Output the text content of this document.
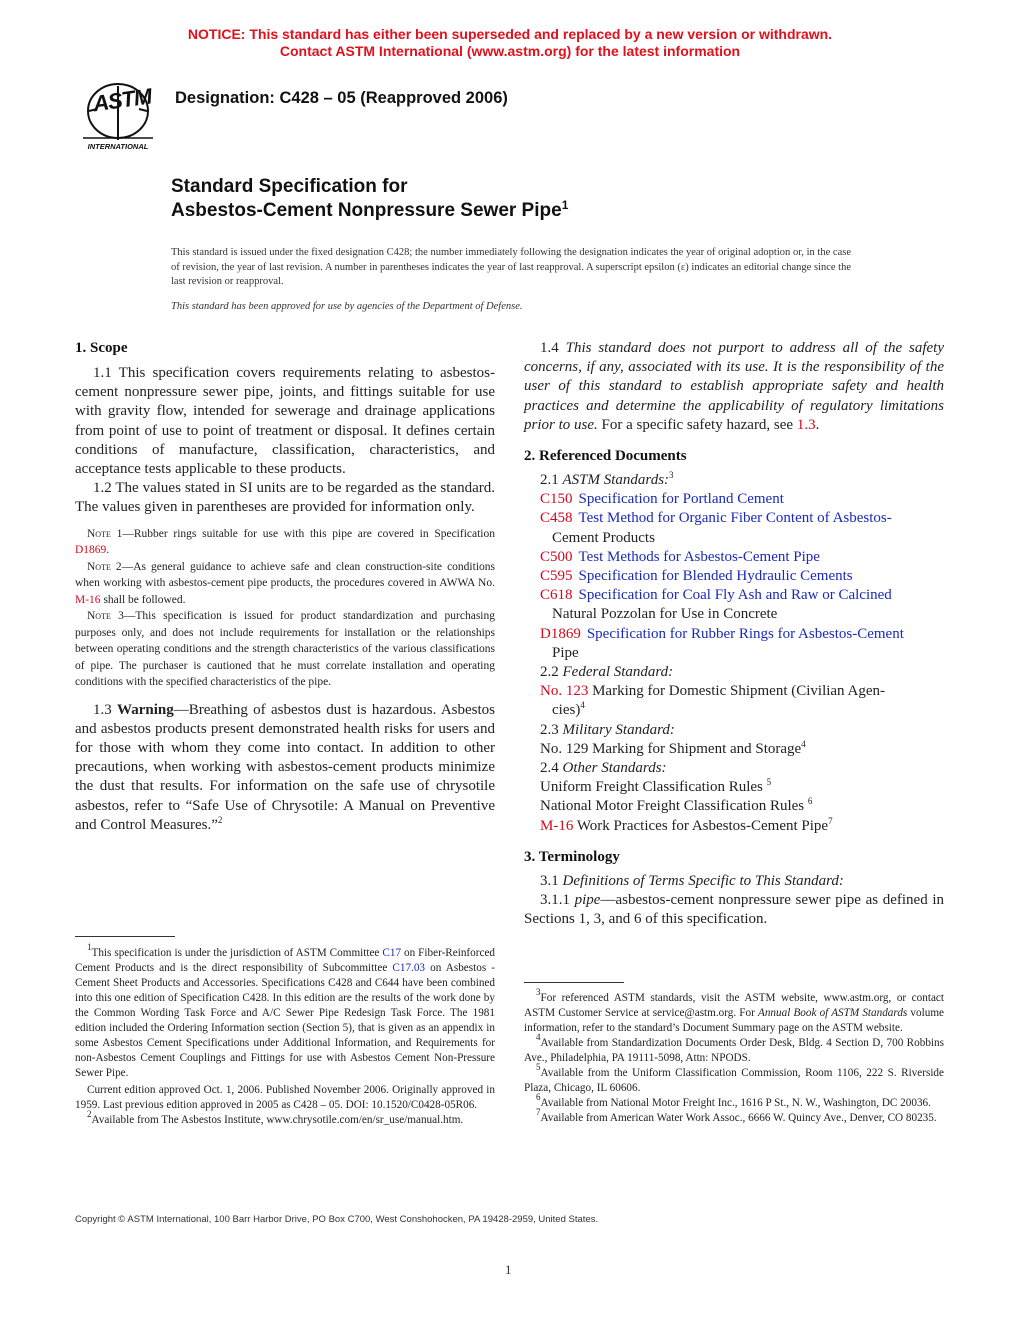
NOTICE: This standard has either been superseded and replaced by a new version or withdrawn.
Contact ASTM International (www.astm.org) for the latest information
INTERNATIONAL
ASTM Designation: C428 – 05 (Reapproved 2006)
Standard Specification for
Asbestos-Cement Nonpressure Sewer Pipe$^1$
This standard is issued under the fixed designation C428; the number immediately following the designation indicates the year of original adoption or, in the case of revision, the year of last revision. A number in parentheses indicates the year of last reapproval. A superscript epsilon (ε) indicates an editorial change since the last revision or reapproval.
This standard has been approved for use by agencies of the Department of Defense.
1. Scope
1.1 This specification covers requirements relating to asbestos-cement nonpressure sewer pipe, joints, and fittings suitable for use with gravity flow, intended for sewerage and drainage applications from point of use to point of treatment or disposal. It defines certain conditions of manufacture, classification, characteristics, and acceptance tests applicable to these products.
1.2 The values stated in SI units are to be regarded as the standard. The values given in parentheses are provided for information only.
Note 1—Rubber rings suitable for use with this pipe are covered in Specification D1869.
Note 2—As general guidance to achieve safe and clean construction-site conditions when working with asbestos-cement pipe products, the procedures covered in AWWA No. M-16 shall be followed.
Note 3—This specification is issued for product standardization and purchasing purposes only, and does not include requirements for installation or the relationships between operating conditions and the strength characteristics of the various classifications of pipe. The purchaser is cautioned that he must correlate installation and operating conditions with the specified characteristics of the pipe.
1.3 Warning—Breathing of asbestos dust is hazardous. Asbestos and asbestos products present demonstrated health risks for users and for those with whom they come into contact. In addition to other precautions, when working with asbestos-cement products minimize the dust that results. For information on the safe use of chrysotile asbestos, refer to “Safe Use of Chrysotile: A Manual on Preventive and Control Measures.”$^2$
$^1$This specification is under the jurisdiction of ASTM Committee C17 on Fiber-Reinforced Cement Products and is the direct responsibility of Subcommittee C17.03 on Asbestos - Cement Sheet Products and Accessories. Specifications C428 and C644 have been combined into this one edition of Specification C428. In this edition are the results of the work done by the Common Wording Task Force and A/C Sewer Pipe Redesign Task Force. The 1981 edition included the Ordering Information section (Section 5), that is given as an appendix in some Asbestos Cement Specifications under Additional Information, and Requirements for non-Asbestos Cement Couplings and Fittings for use with Asbestos Cement Non-Pressure Sewer Pipe.
Current edition approved Oct. 1, 2006. Published November 2006. Originally approved in 1959. Last previous edition approved in 2005 as C428 – 05. DOI: 10.1520/C0428-05R06.
$^2$Available from The Asbestos Institute, www.chrysotile.com/en/sr_use/manual.htm.
1.4 This standard does not purport to address all of the safety concerns, if any, associated with its use. It is the responsibility of the user of this standard to establish appropriate safety and health practices and determine the applicability of regulatory limitations prior to use. For a specific safety hazard, see 1.3.
2. Referenced Documents
2.1 ASTM Standards:$^3$
C150 Specification for Portland Cement
C458 Test Method for Organic Fiber Content of Asbestos-
Cement Products
C500 Test Methods for Asbestos-Cement Pipe
C595 Specification for Blended Hydraulic Cements
C618 Specification for Coal Fly Ash and Raw or Calcined
Natural Pozzolan for Use in Concrete
D1869 Specification for Rubber Rings for Asbestos-Cement
Pipe
2.2 Federal Standard:
No. 123 Marking for Domestic Shipment (Civilian Agen-
cies)$^4$
2.3 Military Standard:
No. 129 Marking for Shipment and Storage$^4$
2.4 Other Standards:
Uniform Freight Classification Rules $^5$
National Motor Freight Classification Rules $^6$
M-16 Work Practices for Asbestos-Cement Pipe$^7$
3. Terminology
3.1 Definitions of Terms Specific to This Standard:
3.1.1 pipe—asbestos-cement nonpressure sewer pipe as defined in Sections 1, 3, and 6 of this specification.
$^3$For referenced ASTM standards, visit the ASTM website, www.astm.org, or contact ASTM Customer Service at service@astm.org. For Annual Book of ASTM Standards volume information, refer to the standard’s Document Summary page on the ASTM website.
$^4$Available from Standardization Documents Order Desk, Bldg. 4 Section D, 700 Robbins Ave., Philadelphia, PA 19111-5098, Attn: NPODS.
$^5$Available from the Uniform Classification Commission, Room 1106, 222 S. Riverside Plaza, Chicago, IL 60606.
$^6$Available from National Motor Freight Inc., 1616 P St., N. W., Washington, DC 20036.
$^7$Available from American Water Work Assoc., 6666 W. Quincy Ave., Denver, CO 80235.
Copyright © ASTM International, 100 Barr Harbor Drive, PO Box C700, West Conshohocken, PA 19428-2959, United States.
1
